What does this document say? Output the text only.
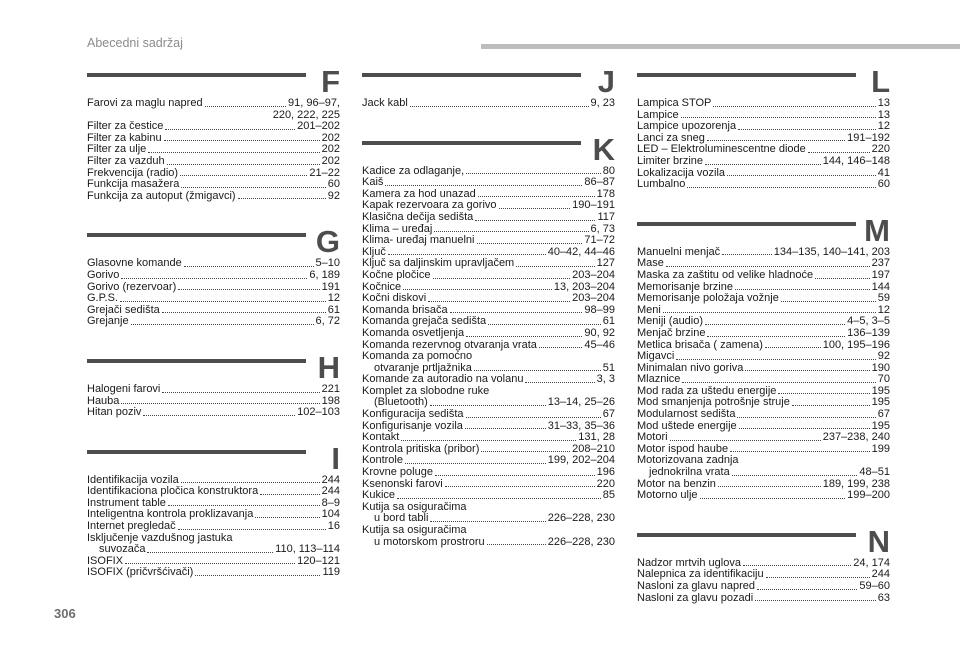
Abecedni sadržaj
F
Farovi za maglu napred	91, 96–97,
220, 222, 225
Filter za čestice	201–202
Filter za kabinu	202
Filter za ulje	202
Filter za vazduh	202
Frekvencija (radio)	21–22
Funkcija masažera	60
Funkcija za autoput (žmigavci)	92
G
Glasovne komande	5–10
Gorivo	6, 189
Gorivo (rezervoar)	191
G.P.S.	12
Grejači sedišta	61
Grejanje	6, 72
H
Halogeni farovi	221
Hauba	198
Hitan poziv	102–103
I
Identifikacija vozila	244
Identifikaciona pločica konstruktora	244
Instrument table	8–9
Inteligentna kontrola proklizavanja	104
Internet pregledač	16
Isključenje vazdušnog jastuka
suvozača	110, 113–114
ISOFIX	120–121
ISOFIX (pričvršćivači)	119
J
Jack kabl	9, 23
K
Kadice za odlaganje,	80
Kaiš	86–87
Kamera za hod unazad	178
Kapak rezervoara za gorivo	190–191
Klasična dečija sedišta	117
Klima – uređaj	6, 73
Klima- uređaj manuelni	71–72
Ključ	40–42, 44–46
Ključ sa daljinskim upravljačem	127
Kočne pločice	203–204
Kočnice	13, 203–204
Kočni diskovi	203–204
Komanda brisača	98–99
Komanda grejača sedišta	61
Komanda osvetljenja	90, 92
Komanda rezervnog otvaranja vrata	45–46
Komanda za pomoćno
otvaranje prtljažnika	51
Komande za autoradio na volanu	3, 3
Komplet za slobodne ruke
(Bluetooth)	13–14, 25–26
Konfiguracija sedišta	67
Konfigurisanje vozila	31–33, 35–36
Kontakt	131, 28
Kontrola pritiska (pribor)	208–210
Kontrole	199, 202–204
Krovne poluge	196
Ksenonski farovi	220
Kukice	85
Kutija sa osiguračima
u bord tabli	226–228, 230
Kutija sa osiguračima
u motorskom prostroru	226–228, 230
L
Lampica STOP	13
Lampice	13
Lampice upozorenja	12
Lanci za sneg	191–192
LED – Elektroluminescentne diode	220
Limiter brzine	144, 146–148
Lokalizacija vozila	41
Lumbalno	60
M
Manuelni menjač	134–135, 140–141, 203
Mase	237
Maska za zaštitu od velike hladnoće	197
Memorisanje brzine	144
Memorisanje položaja vožnje	59
Meni	12
Meniji (audio)	4–5, 3–5
Menjač brzine	136–139
Metlica brisača ( zamena)	100, 195–196
Migavci	92
Minimalan nivo goriva	190
Mlaznice	70
Mod rada za uštedu energije	195
Mod smanjenja potrošnje struje	195
Modularnost sedišta	67
Mod uštede energije	195
Motori	237–238, 240
Motor ispod haube	199
Motorizovana zadnja
jednokrilna vrata	48–51
Motor na benzin	189, 199, 238
Motorno ulje	199–200
N
Nadzor mrtvih uglova	24, 174
Nalepnica za identifikaciju	244
Nasloni za glavu napred	59–60
Nasloni za glavu pozadi	63
306
